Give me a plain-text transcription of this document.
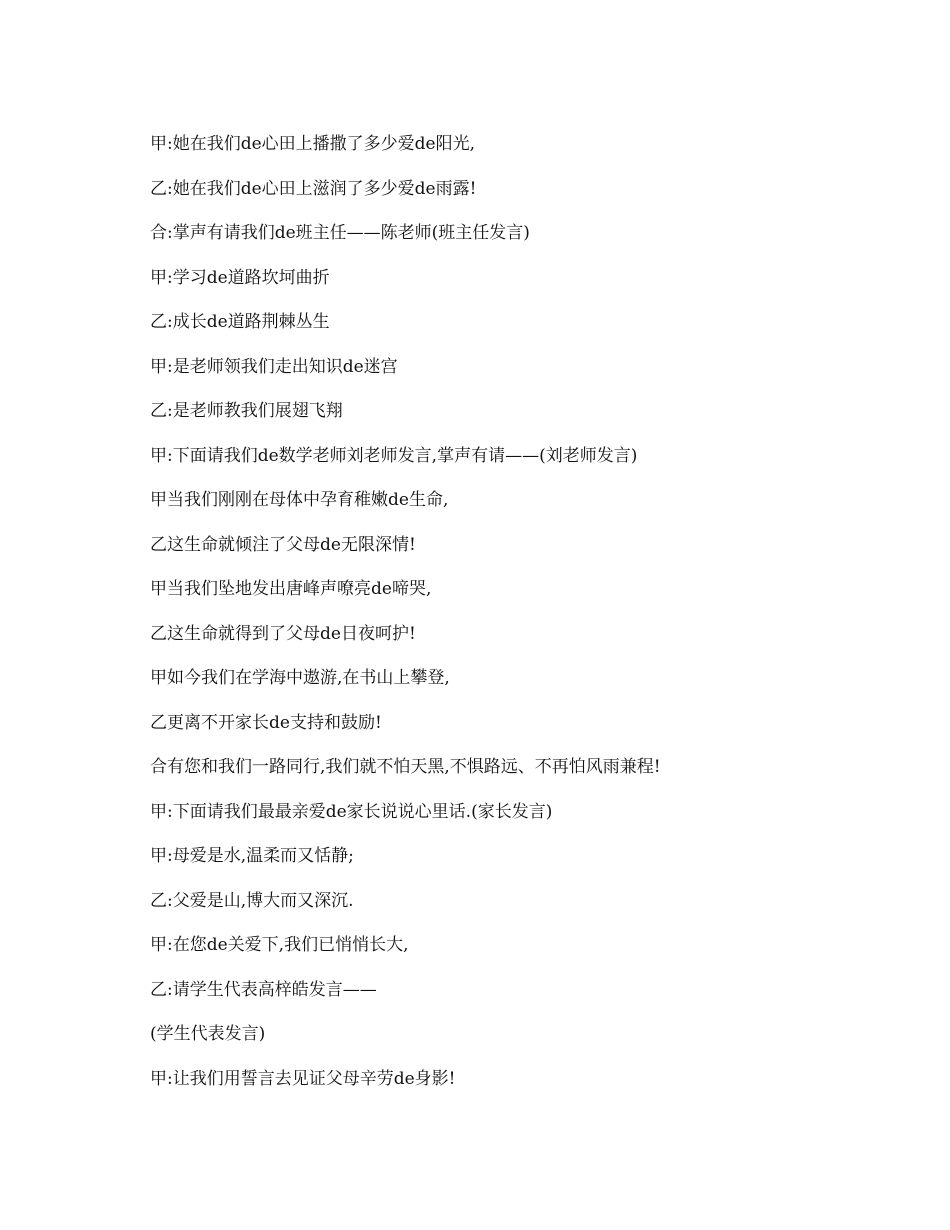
甲:她在我们de心田上播撒了多少爱de阳光,

乙:她在我们de心田上滋润了多少爱de雨露!

合:掌声有请我们de班主任——陈老师(班主任发言)

甲:学习de道路坎坷曲折

乙:成长de道路荆棘丛生

甲:是老师领我们走出知识de迷宫

乙:是老师教我们展翅飞翔

甲:下面请我们de数学老师刘老师发言,掌声有请——(刘老师发言)

甲当我们刚刚在母体中孕育稚嫩de生命,

乙这生命就倾注了父母de无限深情!

甲当我们坠地发出唐峰声嘹亮de啼哭,

乙这生命就得到了父母de日夜呵护!

甲如今我们在学海中遨游,在书山上攀登,

乙更离不开家长de支持和鼓励!

合有您和我们一路同行,我们就不怕天黑,不惧路远、不再怕风雨兼程!

甲:下面请我们最最亲爱de家长说说心里话.(家长发言)

甲:母爱是水,温柔而又恬静;

乙:父爱是山,博大而又深沉.

甲:在您de关爱下,我们已悄悄长大,

乙:请学生代表高梓皓发言——

(学生代表发言)

甲:让我们用誓言去见证父母辛劳de身影!
